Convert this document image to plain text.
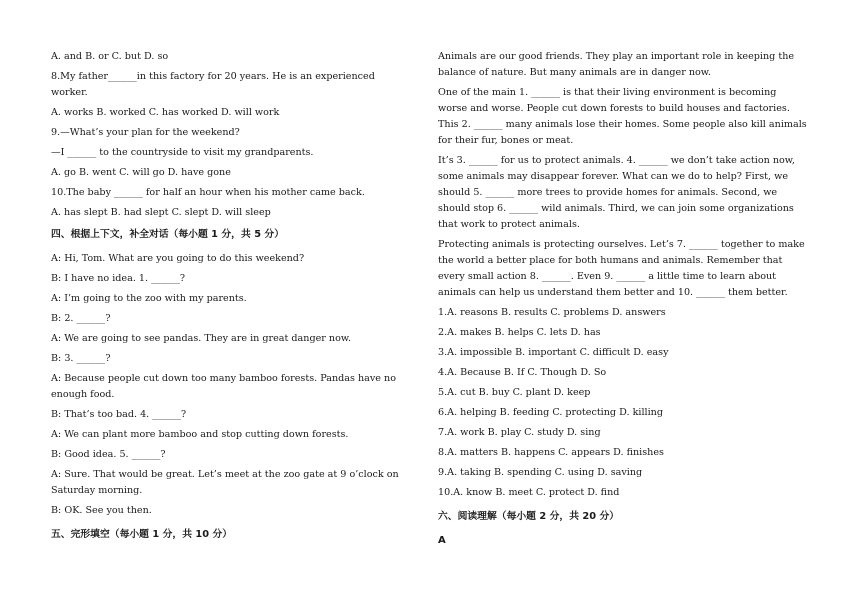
A. and B. or C. but D. so
8.My father______in this factory for 20 years. He is an experienced
worker.
A. works B. worked C. has worked D. will work
9.—What’s your plan for the weekend?
—I ______ to the countryside to visit my grandparents.
A. go B. went C. will go D. have gone
10.The baby ______ for half an hour when his mother came back.
A. has slept B. had slept C. slept D. will sleep
四、根据上下文，补全对话（每小题 1 分，共 5 分）
A: Hi, Tom. What are you going to do this weekend?
B: I have no idea. 1. ______?
A: I’m going to the zoo with my parents.
B: 2. ______?
A: We are going to see pandas. They are in great danger now.
B: 3. ______?
A: Because people cut down too many bamboo forests. Pandas have no enough food.
B: That’s too bad. 4. ______?
A: We can plant more bamboo and stop cutting down forests.
B: Good idea. 5. ______?
A: Sure. That would be great. Let’s meet at the zoo gate at 9 o’clock on Saturday morning.
B: OK. See you then.
五、完形填空（每小题 1 分，共 10 分）
Animals are our good friends. They play an important role in keeping the balance of nature. But many animals are in danger now.
One of the main 1. ______ is that their living environment is becoming worse and worse. People cut down forests to build houses and factories. This 2. ______ many animals lose their homes. Some people also kill animals for their fur, bones or meat.
It’s 3. ______ for us to protect animals. 4. ______ we don’t take action now, some animals may disappear forever. What can we do to help? First, we should 5. ______ more trees to provide homes for animals. Second, we should stop 6. ______ wild animals. Third, we can join some organizations that work to protect animals.
Protecting animals is protecting ourselves. Let’s 7. ______ together to make the world a better place for both humans and animals. Remember that every small action 8. ______. Even 9. ______ a little time to learn about animals can help us understand them better and 10. ______ them better.
1.A. reasons B. results C. problems D. answers
2.A. makes B. helps C. lets D. has
3.A. impossible B. important C. difficult D. easy
4.A. Because B. If C. Though D. So
5.A. cut B. buy C. plant D. keep
6.A. helping B. feeding C. protecting D. killing
7.A. work B. play C. study D. sing
8.A. matters B. happens C. appears D. finishes
9.A. taking B. spending C. using D. saving
10.A. know B. meet C. protect D. find
六、阅读理解（每小题 2 分，共 20 分）
A
